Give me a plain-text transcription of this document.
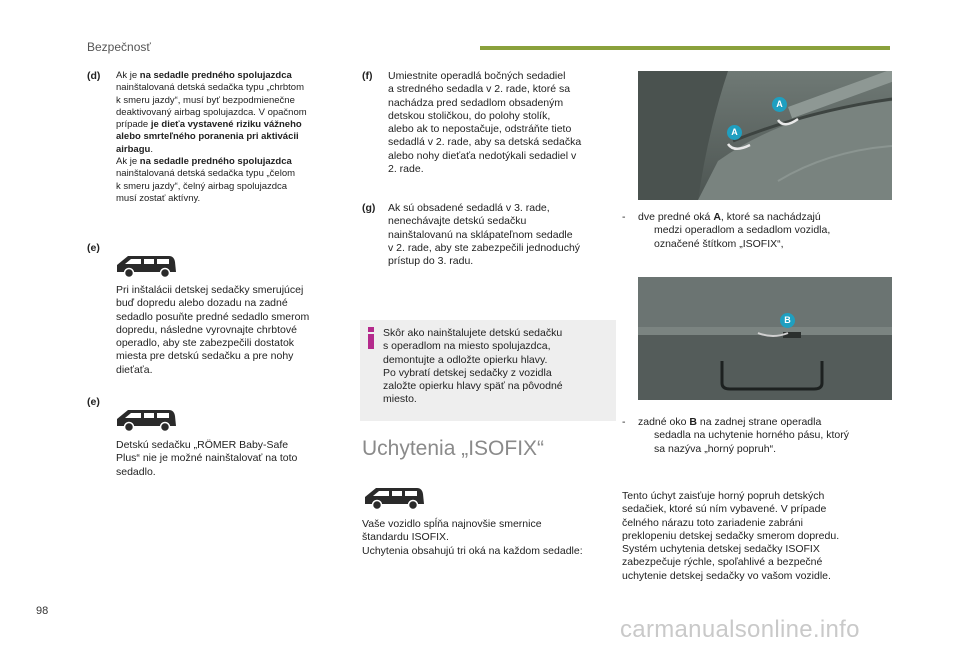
Bezpečnosť
(d) Ak je na sedadle predného spolujazdca
nainštalovaná detská sedačka typu „chrbtom
k smeru jazdy“, musí byť bezpodmienečne
deaktivovaný airbag spolujazdca. V opačnom
prípade je dieťa vystavené riziku vážneho
alebo smrteľného poranenia pri aktivácii
airbagu.
Ak je na sedadle predného spolujazdca
nainštalovaná detská sedačka typu „čelom
k smeru jazdy“, čelný airbag spolujazdca
musí zostať aktívny.
(e)
Pri inštalácii detskej sedačky smerujúcej
buď dopredu alebo dozadu na zadné
sedadlo posuňte predné sedadlo smerom
dopredu, následne vyrovnajte chrbtové
operadlo, aby ste zabezpečili dostatok
miesta pre detskú sedačku a pre nohy
dieťaťa.
(e)
Detskú sedačku „RÖMER Baby-Safe
Plus“ nie je možné nainštalovať na toto
sedadlo.
(f) Umiestnite operadlá bočných sedadiel
a stredného sedadla v 2. rade, ktoré sa
nachádza pred sedadlom obsadeným
detskou stoličkou, do polohy stolík,
alebo ak to nepostačuje, odstráňte tieto
sedadlá v 2. rade, aby sa detská sedačka
alebo nohy dieťaťa nedotýkali sedadiel v
2. rade.
(g) Ak sú obsadené sedadlá v 3. rade,
nenechávajte detskú sedačku
nainštalovanú na sklápateľnom sedadle
v 2. rade, aby ste zabezpečili jednoduchý
prístup do 3. radu.
Skôr ako nainštalujete detskú sedačku
s operadlom na miesto spolujazdca,
demontujte a odložte opierku hlavy.
Po vybratí detskej sedačky z vozidla
založte opierku hlavy späť na pôvodné
miesto.
Uchytenia „ISOFIX“
Vaše vozidlo spĺňa najnovšie smernice
štandardu ISOFIX.
Uchytenia obsahujú tri oká na každom sedadle:
A
A
- dve predné oká A, ktoré sa nachádzajú
medzi operadlom a sedadlom vozidla,
označené štítkom „ISOFIX“,
B
- zadné oko B na zadnej strane operadla
sedadla na uchytenie horného pásu, ktorý
sa nazýva „horný popruh“.
Tento úchyt zaisťuje horný popruh detských
sedačiek, ktoré sú ním vybavené. V prípade
čelného nárazu toto zariadenie zabráni
preklopeniu detskej sedačky smerom dopredu.
Systém uchytenia detskej sedačky ISOFIX
zabezpečuje rýchle, spoľahlivé a bezpečné
uchytenie detskej sedačky vo vašom vozidle.
98
carmanualsonline.info
